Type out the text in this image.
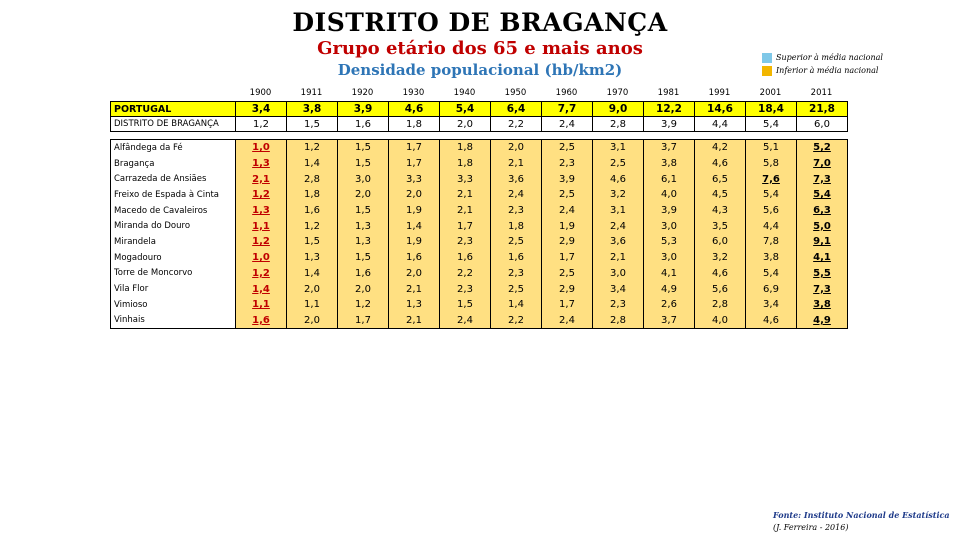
DISTRITO DE BRAGANÇA
Grupo etário dos 65 e mais anos
Densidade populacional (hb/km2)
Superior à média nacional
Inferior à média nacional
	1900	1911	1920	1930	1940	1950	1960	1970	1981	1991	2001	2011
PORTUGAL	3,4	3,8	3,9	4,6	5,4	6,4	7,7	9,0	12,2	14,6	18,4	21,8
DISTRITO DE BRAGANÇA	1,2	1,5	1,6	1,8	2,0	2,2	2,4	2,8	3,9	4,4	5,4	6,0
Alfândega da Fé	1,0	1,2	1,5	1,7	1,8	2,0	2,5	3,1	3,7	4,2	5,1	5,2
Bragança	1,3	1,4	1,5	1,7	1,8	2,1	2,3	2,5	3,8	4,6	5,8	7,0
Carrazeda de Ansiães	2,1	2,8	3,0	3,3	3,3	3,6	3,9	4,6	6,1	6,5	7,6	7,3
Freixo de Espada à Cinta	1,2	1,8	2,0	2,0	2,1	2,4	2,5	3,2	4,0	4,5	5,4	5,4
Macedo de Cavaleiros	1,3	1,6	1,5	1,9	2,1	2,3	2,4	3,1	3,9	4,3	5,6	6,3
Miranda do Douro	1,1	1,2	1,3	1,4	1,7	1,8	1,9	2,4	3,0	3,5	4,4	5,0
Mirandela	1,2	1,5	1,3	1,9	2,3	2,5	2,9	3,6	5,3	6,0	7,8	9,1
Mogadouro	1,0	1,3	1,5	1,6	1,6	1,6	1,7	2,1	3,0	3,2	3,8	4,1
Torre de Moncorvo	1,2	1,4	1,6	2,0	2,2	2,3	2,5	3,0	4,1	4,6	5,4	5,5
Vila Flor	1,4	2,0	2,0	2,1	2,3	2,5	2,9	3,4	4,9	5,6	6,9	7,3
Vimioso	1,1	1,1	1,2	1,3	1,5	1,4	1,7	2,3	2,6	2,8	3,4	3,8
Vinhais	1,6	2,0	1,7	2,1	2,4	2,2	2,4	2,8	3,7	4,0	4,6	4,9
Fonte: Instituto Nacional de Estatística
(J. Ferreira - 2016)
